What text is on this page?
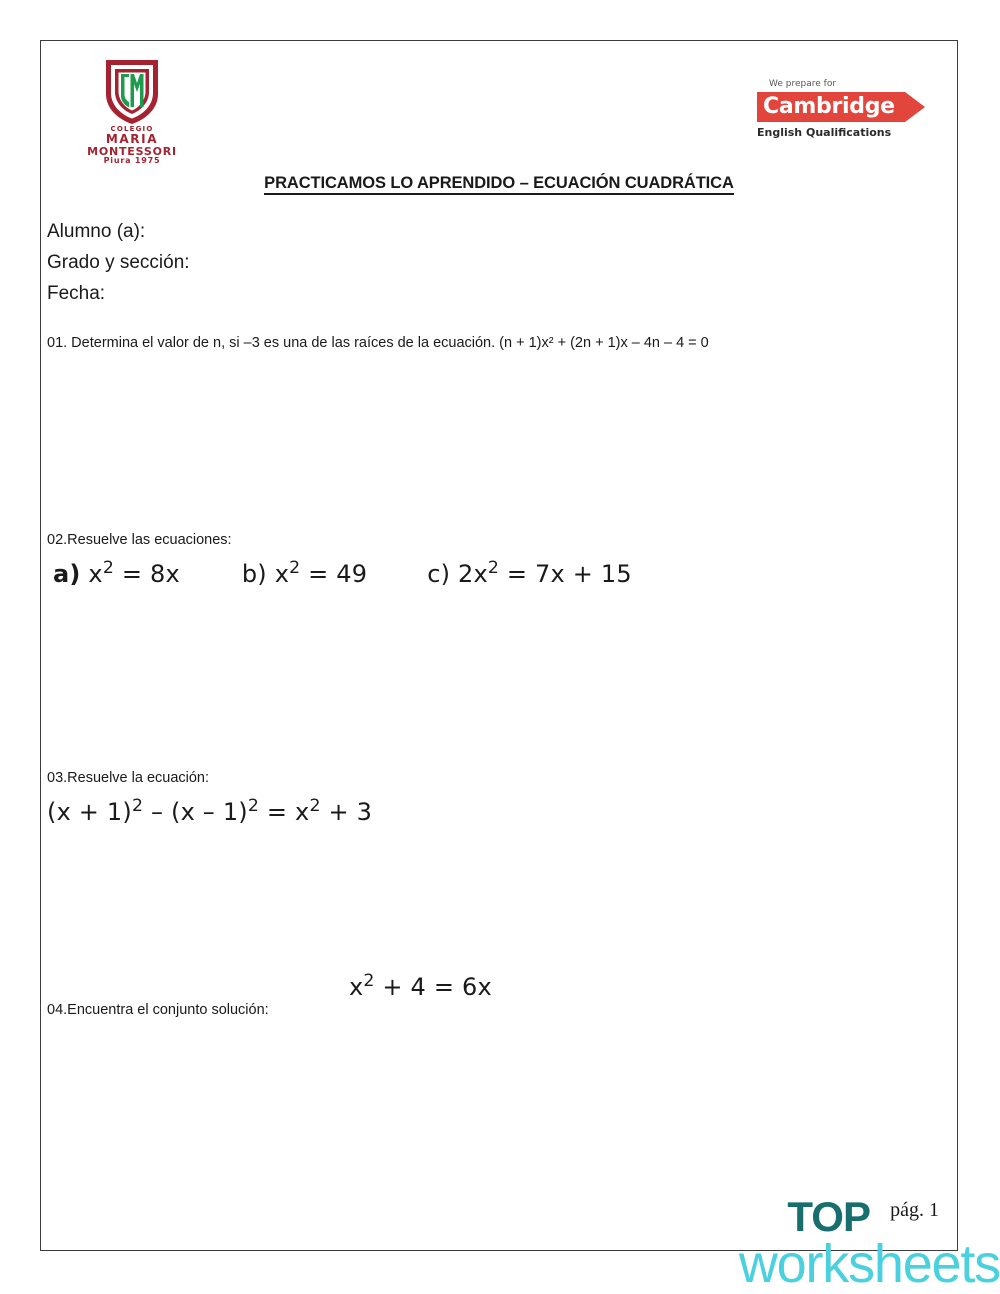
COLEGIO
MARIA
MONTESSORI
Piura 1975
We prepare for
Cambridge
English Qualifications
PRACTICAMOS LO APRENDIDO – ECUACIÓN CUADRÁTICA
Alumno (a):
Grado y sección:
Fecha:
01. Determina el valor de n, si –3 es una de las raíces de la ecuación. (n + 1)x² + (2n + 1)x – 4n – 4 = 0
02.Resuelve las ecuaciones:
a) $x^2 = 8x$	b) $x^2 = 49$	c) $2x^2 = 7x + 15$
03.Resuelve la ecuación:
$(x + 1)^2 - (x - 1)^2 = x^2 + 3$
04.Encuentra el conjunto solución:
$x^2 + 4 = 6x$
pág. 1
TOP
worksheets
